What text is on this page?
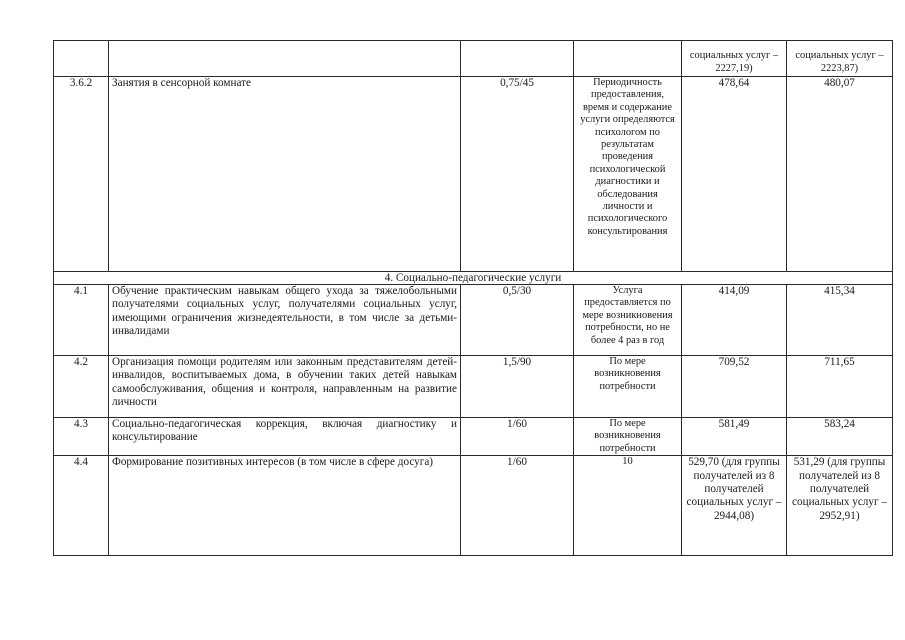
				социальных услуг – 2227,19)	социальных услуг – 2223,87)
3.6.2	Занятия в сенсорной комнате	0,75/45	Периодичность предоставления, время и содержание услуги определяются психологом по результатам проведения психологической диагностики и обследования личности и психологического консультирования	478,64	480,07
4. Социально-педагогические услуги					
4.1	Обучение практическим навыкам общего ухода за тяжелобольными получателями социальных услуг, получателями социальных услуг, имеющими ограничения жизнедеятельности, в том числе за детьми-инвалидами	0,5/30	Услуга предоставляется по мере возникновения потребности, но не более 4 раз в год	414,09	415,34
4.2	Организация помощи родителям или законным представителям детей-инвалидов, воспитываемых дома, в обучении таких детей навыкам самообслуживания, общения и контроля, направленным на развитие личности	1,5/90	По мере возникновения потребности	709,52	711,65
4.3	Социально-педагогическая коррекция, включая диагностику и консультирование	1/60	По мере возникновения потребности	581,49	583,24
4.4	Формирование позитивных интересов (в том числе в сфере досуга)	1/60	10	529,70 (для группы получателей из 8 получателей социальных услуг – 2944,08)	531,29 (для группы получателей из 8 получателей социальных услуг – 2952,91)
